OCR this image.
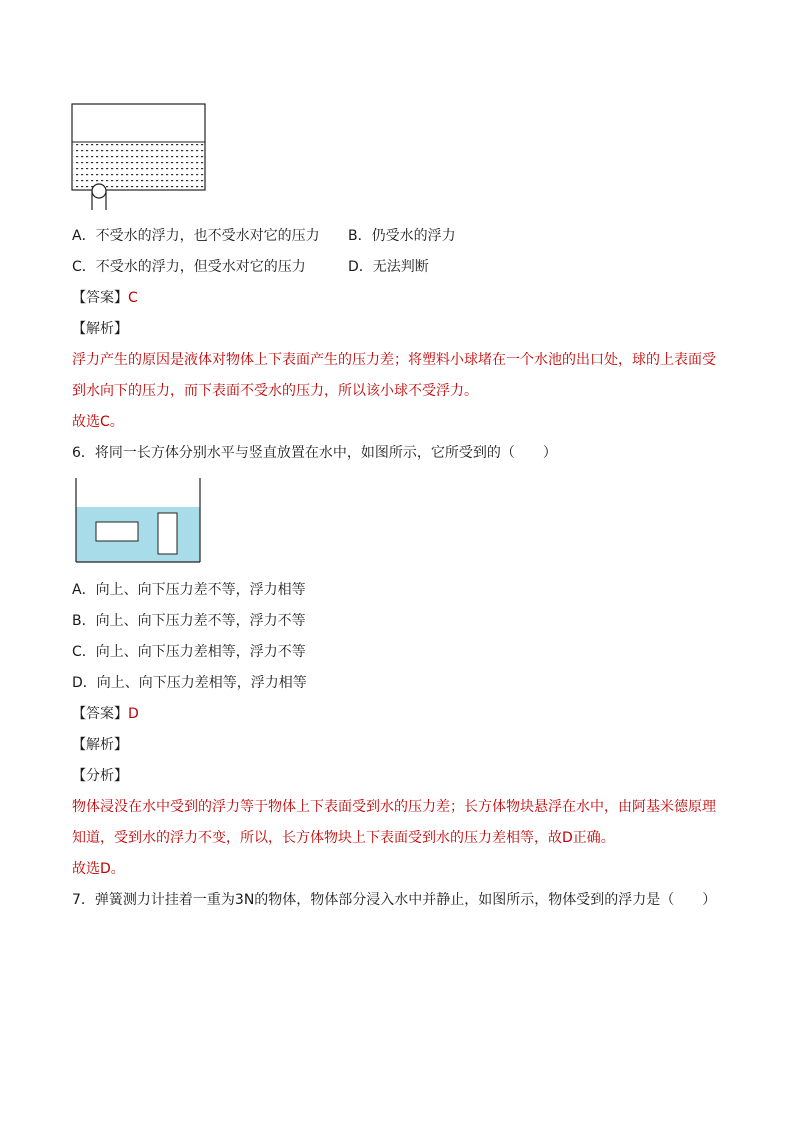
A．不受水的浮力，也不受水对它的压力 B．仍受水的浮力
C．不受水的浮力，但受水对它的压力	D．无法判断
【答案】C
【解析】
浮力产生的原因是液体对物体上下表面产生的压力差；将塑料小球堵在一个水池的出口处，球的上表面受
到水向下的压力，而下表面不受水的压力，所以该小球不受浮力。
故选C。
6．将同一长方体分别水平与竖直放置在水中，如图所示，它所受到的（　　）
A．向上、向下压力差不等，浮力相等
B．向上、向下压力差不等，浮力不等
C．向上、向下压力差相等，浮力不等
D．向上、向下压力差相等，浮力相等
【答案】D
【解析】
【分析】
物体浸没在水中受到的浮力等于物体上下表面受到水的压力差；长方体物块悬浮在水中，由阿基米德原理
知道，受到水的浮力不变，所以，长方体物块上下表面受到水的压力差相等，故D正确。
故选D。
7．弹簧测力计挂着一重为3N的物体，物体部分浸入水中并静止，如图所示，物体受到的浮力是（　　）
